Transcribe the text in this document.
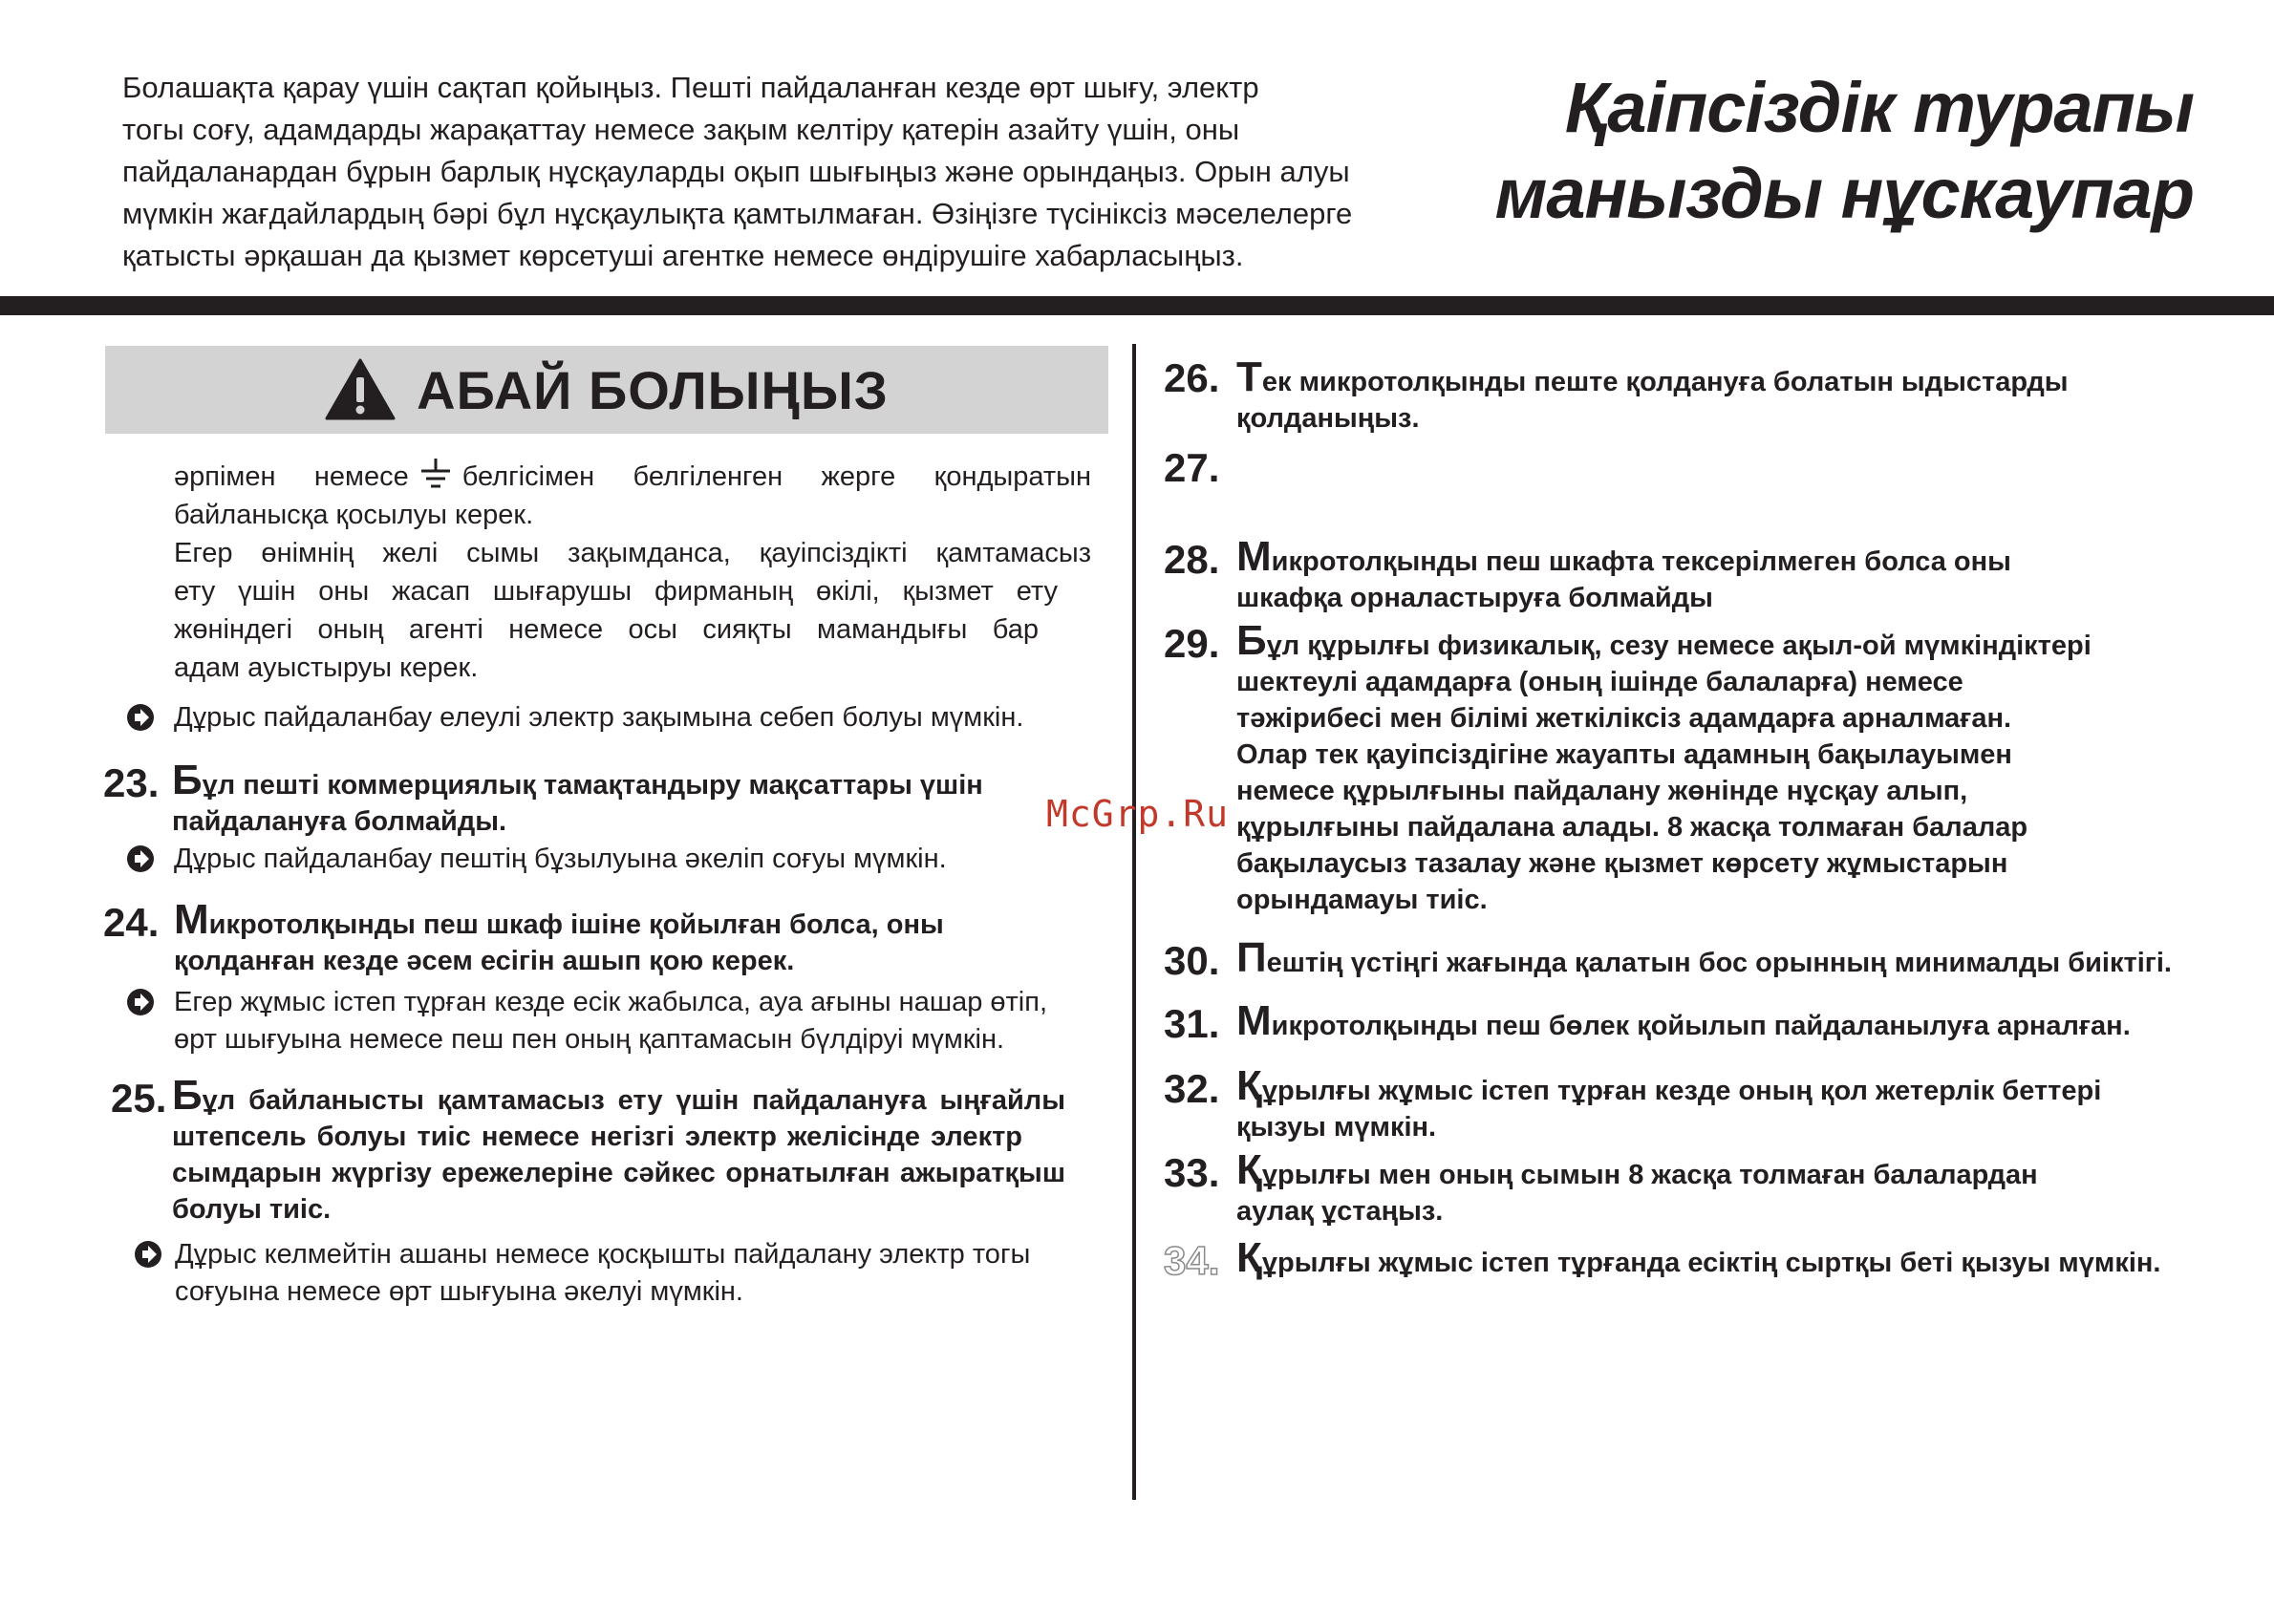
Болашақта қарау үшін сақтап қойыңыз. Пешті пайдаланған кезде өрт шығу, электр
тогы соғу, адамдарды жарақаттау немесе зақым келтіру қатерін азайту үшін, оны
пайдаланардан бұрын барлық нұсқауларды оқып шығыңыз және орындаңыз. Орын алуы
мүмкін жағдайлардың бәрі бұл нұсқаулықта қамтылмаған. Өзіңізге түсініксіз мәселелерге
қатысты әрқашан да қызмет көрсетуші агентке немесе өндірушіге хабарласыңыз.
Қаіпсіздік турапы
манызды нұскаупар
АБАЙ БОЛЫҢЫЗ
әрпімен немесе белгісімен белгіленген жерге қондыратын
байланысқа қосылуы керек.
Егер өнімнің желі сымы зақымданса, қауіпсіздікті қамтамасыз
ету үшін оны жасап шығарушы фирманың өкілі, қызмет ету
жөніндегі оның агенті немесе осы сияқты мамандығы бар
адам ауыстыруы керек.
Дұрыс пайдаланбау елеулі электр зақымына себеп болуы мүмкін.
23. Бұл пешті коммерциялық тамақтандыру мақсаттары үшін
пайдалануға болмайды.
Дұрыс пайдаланбау пештің бұзылуына әкеліп соғуы мүмкін.
24. Микротолқынды пеш шкаф ішіне қойылған болса, оны
қолданған кезде әсем есігін ашып қою керек.
Егер жұмыс істеп тұрған кезде есік жабылса, ауа ағыны нашар өтіп,
өрт шығуына немесе пеш пен оның қаптамасын бүлдіруі мүмкін.
25. Бұл байланысты қамтамасыз ету үшін пайдалануға ыңғайлы
штепсель болуы тиіс немесе негізгі электр желісінде электр
сымдарын жүргізу ережелеріне сәйкес орнатылған ажыратқыш
болуы тиіс.
Дұрыс келмейтін ашаны немесе қосқышты пайдалану электр тогы
соғуына немесе өрт шығуына әкелуі мүмкін.
26. Тек микротолқынды пеште қолдануға болатын ыдыстарды
қолданыңыз.
27.
28. Микротолқынды пеш шкафта тексерілмеген болса оны
шкафқа орналастыруға болмайды
29. Бұл құрылғы физикалық, сезу немесе ақыл-ой мүмкіндіктері
шектеулі адамдарға (оның ішінде балаларға) немесе
тәжірибесі мен білімі жеткіліксіз адамдарға арналмаған.
Олар тек қауіпсіздігіне жауапты адамның бақылауымен
немесе құрылғыны пайдалану жөнінде нұсқау алып,
құрылғыны пайдалана алады. 8 жасқа толмаған балалар
бақылаусыз тазалау және қызмет көрсету жұмыстарын
орындамауы тиіс.
30. Пештің үстіңгі жағында қалатын бос орынның минималды биіктігі.
31. Микротолқынды пеш бөлек қойылып пайдаланылуға арналған.
32. Құрылғы жұмыс істеп тұрған кезде оның қол жетерлік беттері
қызуы мүмкін.
33. Құрылғы мен оның сымын 8 жасқа толмаған балалардан
аулақ ұстаңыз.
34. Құрылғы жұмыс істеп тұрғанда есіктің сыртқы беті қызуы мүмкін.
McGrp.Ru
